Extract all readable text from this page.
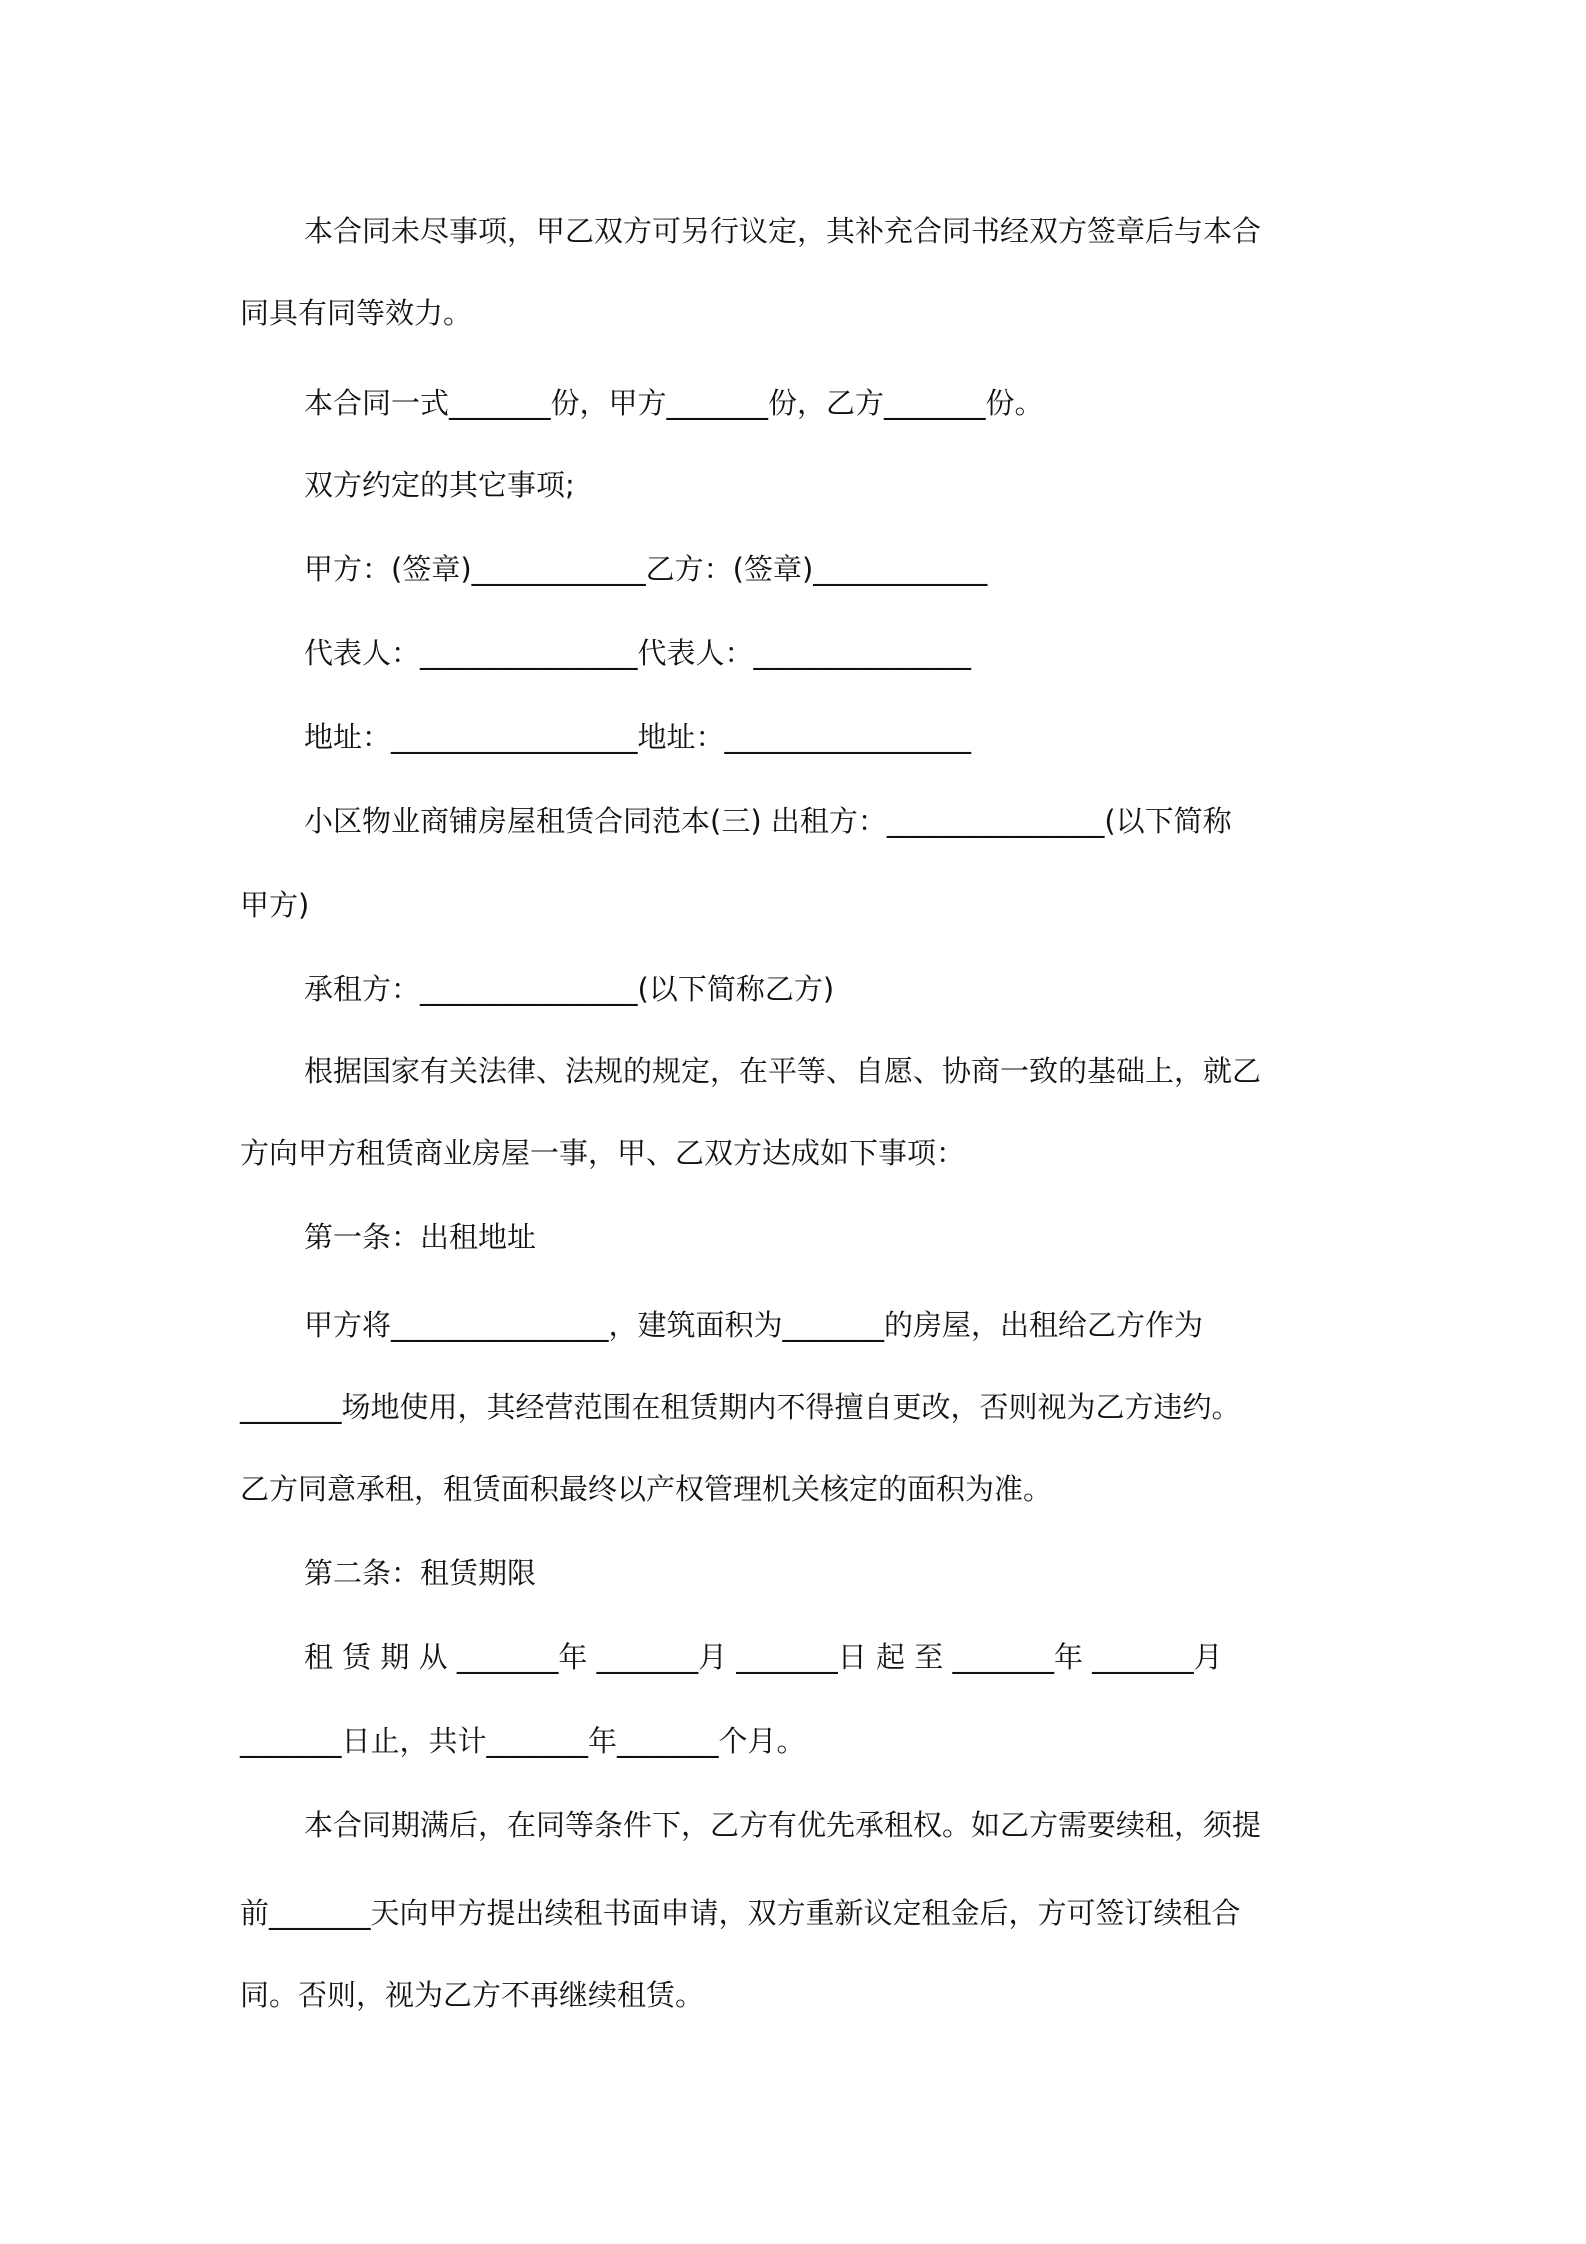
本合同未尽事项，甲乙双方可另行议定，其补充合同书经双方签章后与本合
同具有同等效力。
本合同一式_______份，甲方_______份，乙方_______份。
双方约定的其它事项;
甲方：(签章)____________乙方：(签章)____________
代表人：_______________代表人：_______________
地址：_________________地址：_________________
小区物业商铺房屋租赁合同范本(三) 出租方：_______________(以下简称
甲方)
承租方：_______________(以下简称乙方)
根据国家有关法律、法规的规定，在平等、自愿、协商一致的基础上，就乙
方向甲方租赁商业房屋一事，甲、乙双方达成如下事项：
第一条：出租地址
甲方将_______________，建筑面积为_______的房屋，出租给乙方作为
_______场地使用，其经营范围在租赁期内不得擅自更改，否则视为乙方违约。
乙方同意承租，租赁面积最终以产权管理机关核定的面积为准。
第二条：租赁期限
租 赁 期 从 _______年 _______月 _______日 起 至 _______年 _______月
_______日止，共计_______年_______个月。
本合同期满后，在同等条件下，乙方有优先承租权。如乙方需要续租，须提
前_______天向甲方提出续租书面申请，双方重新议定租金后，方可签订续租合
同。否则，视为乙方不再继续租赁。
